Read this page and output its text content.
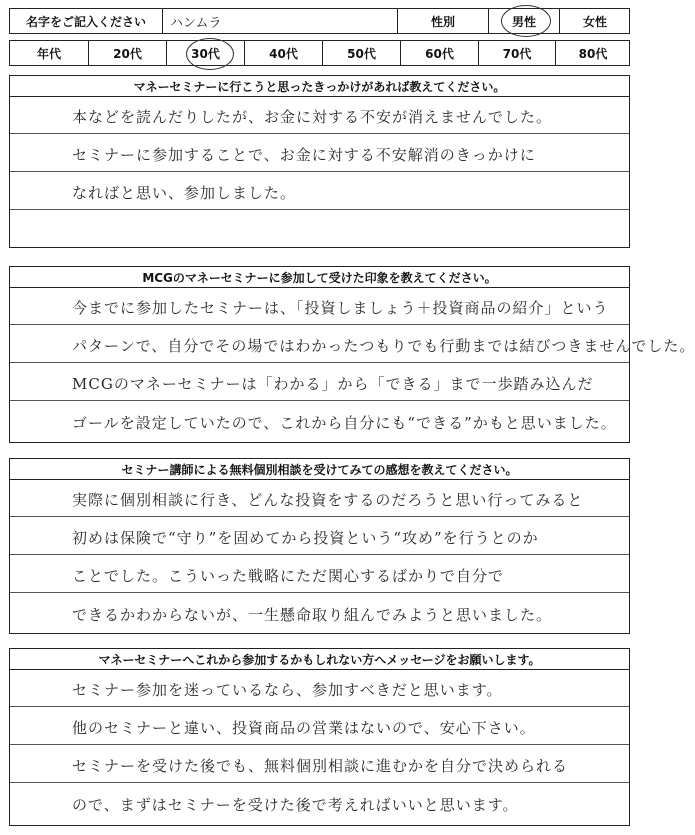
名字をご記入ください	ハンムラ	性別	男性	女性
年代	20代	30代	40代	50代	60代	70代	80代
マネーセミナーに行こうと思ったきっかけがあれば教えてください。
本などを読んだりしたが、お金に対する不安が消えませんでした。
セミナーに参加することで、お金に対する不安解消のきっかけに
なればと思い、参加しました。
MCGのマネーセミナーに参加して受けた印象を教えてください。
今までに参加したセミナーは、「投資しましょう＋投資商品の紹介」という
パターンで、自分でその場ではわかったつもりでも行動までは結びつきませんでした。
MCGのマネーセミナーは「わかる」から「できる」まで一歩踏み込んだ
ゴールを設定していたので、これから自分にも“できる”かもと思いました。
セミナー講師による無料個別相談を受けてみての感想を教えてください。
実際に個別相談に行き、どんな投資をするのだろうと思い行ってみると
初めは保険で“守り”を固めてから投資という“攻め”を行うとのか
ことでした。こういった戦略にただ関心するばかりで自分で
できるかわからないが、一生懸命取り組んでみようと思いました。
マネーセミナーへこれから参加するかもしれない方へメッセージをお願いします。
セミナー参加を迷っているなら、参加すべきだと思います。
他のセミナーと違い、投資商品の営業はないので、安心下さい。
セミナーを受けた後でも、無料個別相談に進むかを自分で決められる
ので、まずはセミナーを受けた後で考えればいいと思います。
